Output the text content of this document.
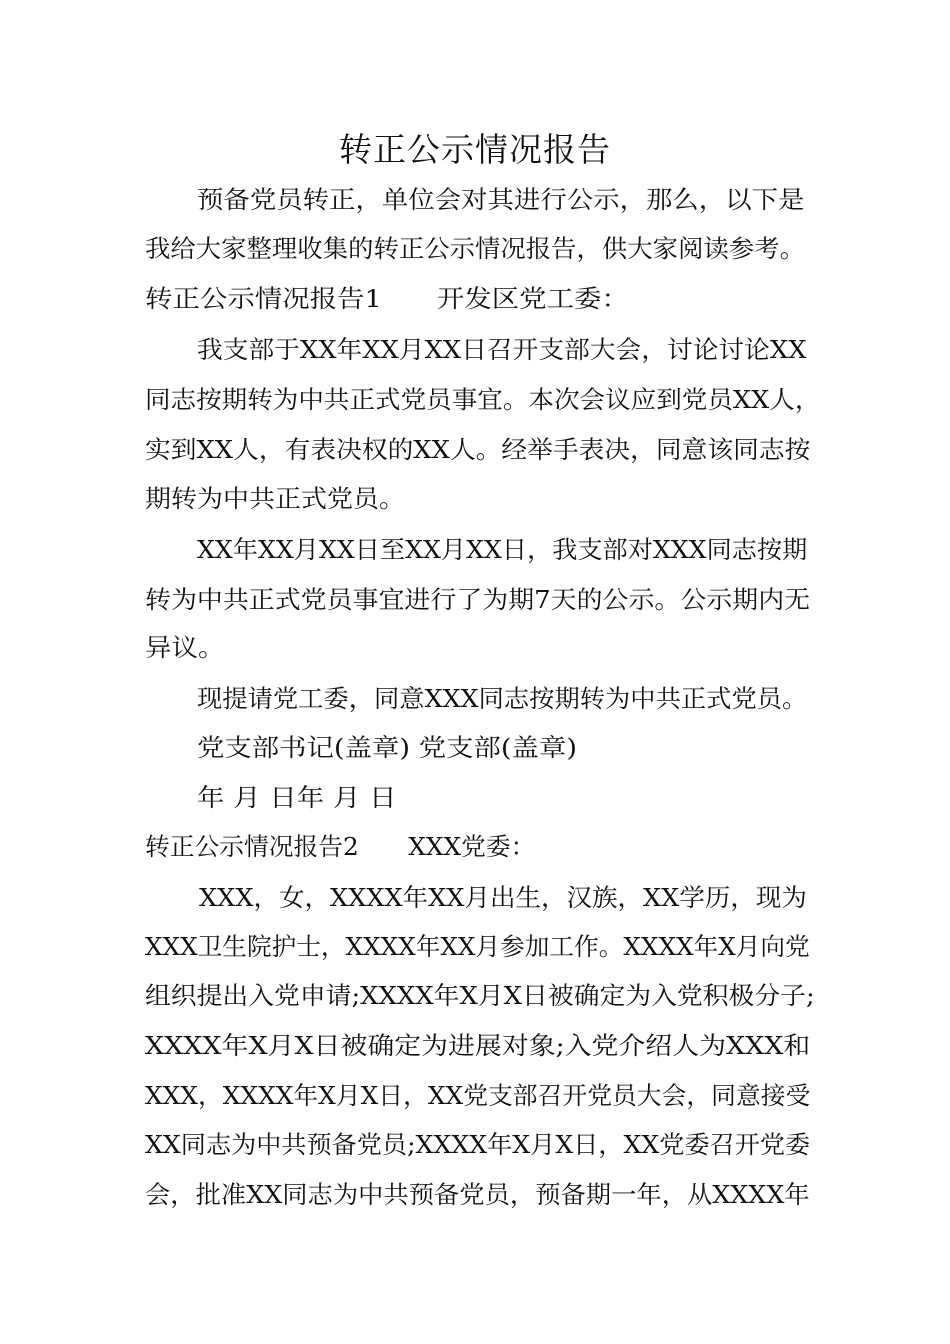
转正公示情况报告
预备党员转正，单位会对其进行公示，那么，以下是
我给大家整理收集的转正公示情况报告，供大家阅读参考。
转正公示情况报告1　　开发区党工委：
我支部于XX年XX月XX日召开支部大会，讨论讨论XX
同志按期转为中共正式党员事宜。本次会议应到党员XX人，
实到XX人，有表决权的XX人。经举手表决，同意该同志按
期转为中共正式党员。
XX年XX月XX日至XX月XX日，我支部对XXX同志按期
转为中共正式党员事宜进行了为期7天的公示。公示期内无
异议。
现提请党工委，同意XXX同志按期转为中共正式党员。
党支部书记(盖章) 党支部(盖章)
年 月 日年 月 日
转正公示情况报告2　　XXX党委：
XXX，女，XXXX年XX月出生，汉族，XX学历，现为
XXX卫生院护士，XXXX年XX月参加工作。XXXX年X月向党
组织提出入党申请;XXXX年X月X日被确定为入党积极分子;
XXXX年X月X日被确定为进展对象;入党介绍人为XXX和
XXX，XXXX年X月X日，XX党支部召开党员大会，同意接受
XX同志为中共预备党员;XXXX年X月X日，XX党委召开党委
会，批准XX同志为中共预备党员，预备期一年，从XXXX年
